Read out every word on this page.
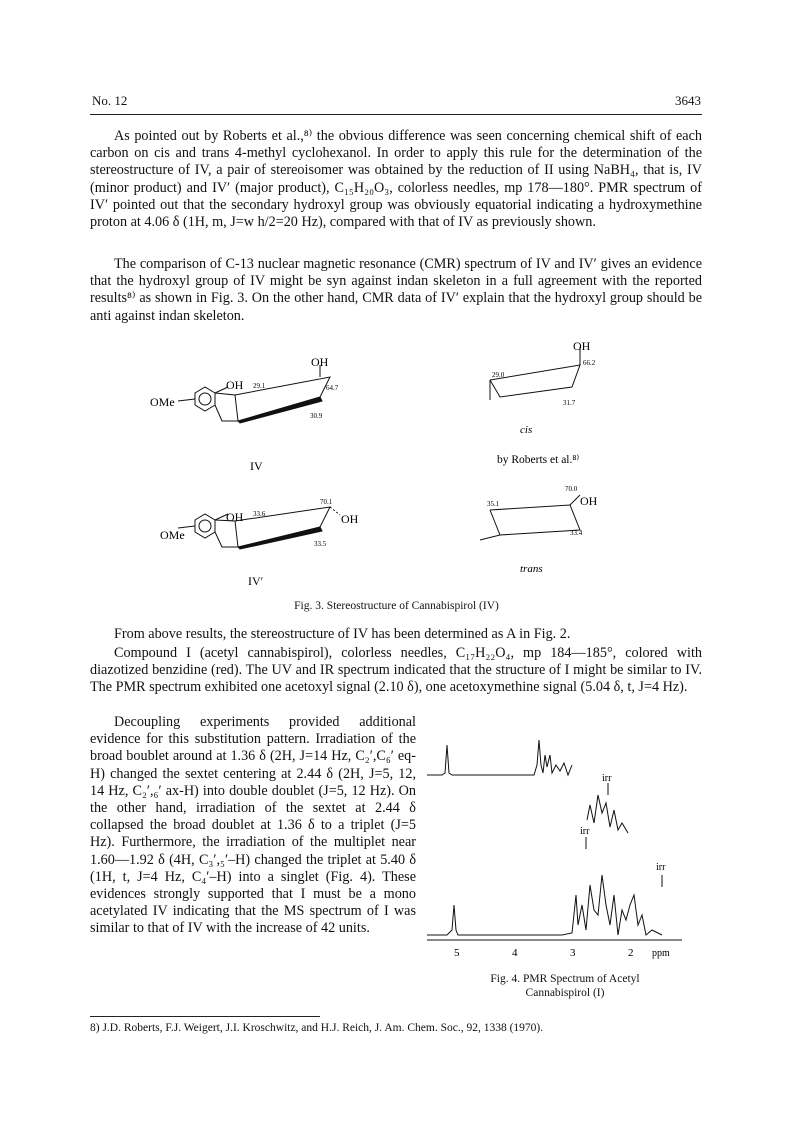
No. 12	3643
As pointed out by Roberts et al.,⁸⁾ the obvious difference was seen concerning chemical shift of each carbon on cis and trans 4-methyl cyclohexanol. In order to apply this rule for the determination of the stereostructure of IV, a pair of stereoisomer was obtained by the reduction of II using NaBH₄, that is, IV (minor product) and IV′ (major product), C₁₅H₂₀O₃, colorless needles, mp 178—180°. PMR spectrum of IV′ pointed out that the secondary hydroxyl group was obviously equatorial indicating a hydroxymethine proton at 4.06 δ (1H, m, J=w h/2=20 Hz), compared with that of IV as previously shown.
The comparison of C-13 nuclear magnetic resonance (CMR) spectrum of IV and IV′ gives an evidence that the hydroxyl group of IV might be syn against indan skeleton in a full agreement with the reported results⁸⁾ as shown in Fig. 3. On the other hand, CMR data of IV′ explain that the hydroxyl group should be anti against indan skeleton.
OH
OH
OMe
29.1	64.7
30.9
IV
OH
OH
OMe
33.6
70.1
33.5
IV′
OH
66.2
29.0
31.7
cis
by Roberts et al.⁸⁾
OH
70.0
35.1
33.4
trans
Fig. 3. Stereostructure of Cannabispirol (IV)
From above results, the stereostructure of IV has been determined as A in Fig. 2.
Compound I (acetyl cannabispirol), colorless needles, C₁₇H₂₂O₄, mp 184—185°, colored with diazotized benzidine (red). The UV and IR spectrum indicated that the structure of I might be similar to IV. The PMR spectrum exhibited one acetoxyl signal (2.10 δ), one acetoxymethine signal (5.04 δ, t, J=4 Hz).
Decoupling experiments provided additional evidence for this substitution pattern. Irradiation of the broad boublet around at 1.36 δ (2H, J=14 Hz, C₂′,C₆′ eq-H) changed the sextet centering at 2.44 δ (2H, J=5, 12, 14 Hz, C₂′,₆′ ax-H) into double doublet (J=5, 12 Hz). On the other hand, irradiation of the sextet at 2.44 δ collapsed the broad doublet at 1.36 δ to a triplet (J=5 Hz). Furthermore, the irradiation of the multiplet near 1.60—1.92 δ (4H, C₃′,₅′–H) changed the triplet at 5.40 δ (1H, t, J=4 Hz, C₄′–H) into a singlet (Fig. 4). These evidences strongly supported that I must be a mono acetylated IV indicating that the MS spectrum of I was similar to that of IV with the increase of 42 units.
irr
irr
irr
5	4	3	2 ppm
Fig. 4. PMR Spectrum of Acetyl
Cannabispirol (I)
8) J.D. Roberts, F.J. Weigert, J.I. Kroschwitz, and H.J. Reich, J. Am. Chem. Soc., 92, 1338 (1970).
